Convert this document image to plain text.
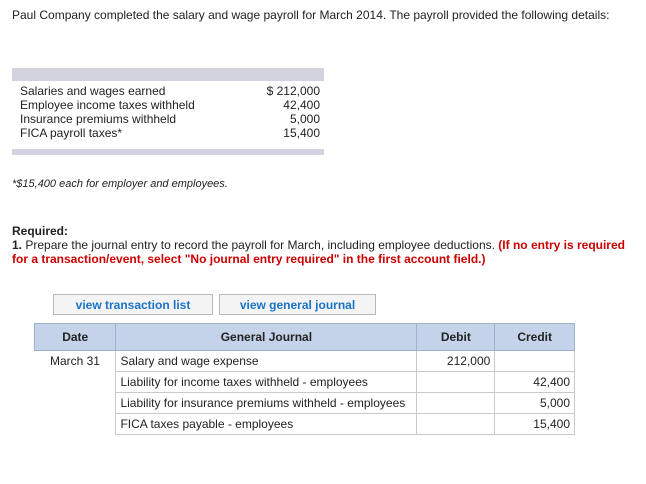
Paul Company completed the salary and wage payroll for March 2014. The payroll provided the following details:
Salaries and wages earned	$ 212,000
Employee income taxes withheld	42,400
Insurance premiums withheld	5,000
FICA payroll taxes*	15,400
*$15,400 each for employer and employees.
Required:
1. Prepare the journal entry to record the payroll for March, including employee deductions. (If no entry is required for a transaction/event, select "No journal entry required" in the first account field.)
view transaction list	view general journal
Date	General Journal	Debit	Credit
March 31	Salary and wage expense	212,000	
	Liability for income taxes withheld - employees		42,400
	Liability for insurance premiums withheld - employees		5,000
	FICA taxes payable - employees		15,400
